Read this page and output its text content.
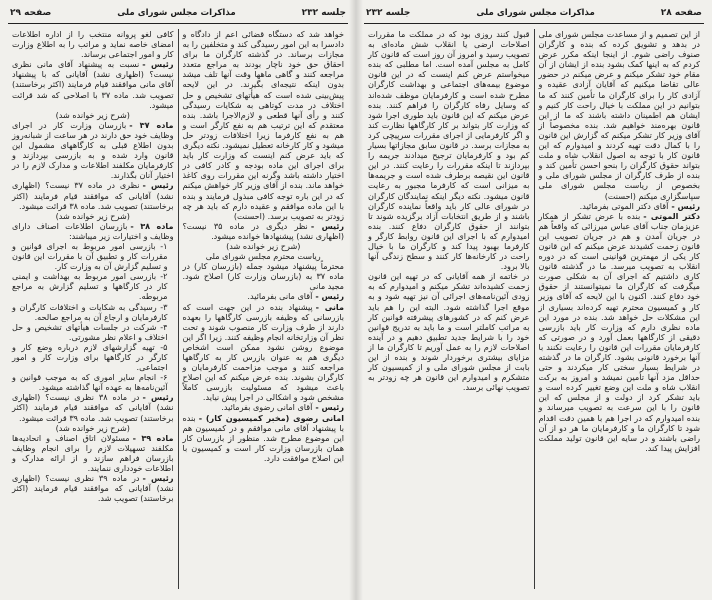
جلسه ۲۳۲
مذاکرات مجلس شورای ملی
صفحه ۲۹

خواهد شد که دستگاه قضائی اعم از دادگاه و دادسرا به این امور رسیدگی کند و متخلفین را به مجازات برساند. در گذشته کارگران ما برای احقاق حق خود ناچار بودند به مراجع متعدد مراجعه کنند و گاهی ماهها وقت آنها تلف میشد بدون اینکه نتیجه‌ای بگیرند. در این لایحه پیش‌بینی شده است که هیأتهای تشخیص و حل اختلاف در مدت کوتاهی به شکایات رسیدگی کنند و رأی آنها قطعی و لازم‌الاجرا باشد. بنده معتقدم که این ترتیب هم به نفع کارگر است و هم به نفع کارفرما زیرا اختلافات زودتر حل میشود و کار کارخانه تعطیل نمیشود. نکته دیگری که باید عرض کنم اینست که وزارت کار باید برای اجرای این ماده بودجه و کادر کافی در اختیار داشته باشد وگرنه این مقررات روی کاغذ خواهد ماند. بنده از آقای وزیر کار خواهش میکنم که در این باره توجه کافی مبذول فرمایند و بنده با این ماده موافقم و عقیده دارم که باید هر چه زودتر به تصویب برسد. (احسنت)

رئیس -نظر دیگری در ماده ۳۵ نیست؟ (اظهاری نشد) پیشنهادها خوانده میشود.

(شرح زیر خوانده شد)

ریاست محترم مجلس شورای ملی

محترماً پیشنهاد میشود جمله (بازرسان کار) در ماده ۳۷ به (بازرسان وزارت کار) اصلاح شود. مجید مانی

رئیس -آقای مانی بفرمائید.

مانی -پیشنهاد بنده در این جهت است که بازرسانی که وظیفه بازرسی کارگاهها را بعهده دارند از طرف وزارت کار منصوب شوند و تحت نظر آن وزارتخانه انجام وظیفه کنند. زیرا اگر این موضوع روشن نشود ممکن است اشخاص دیگری هم به عنوان بازرس کار به کارگاهها مراجعه کنند و موجب مزاحمت کارفرمایان و کارگران بشوند. بنده عرض میکنم که این اصلاح باعث میشود که مسئولیت بازرسی کاملاً مشخص شود و اشکالی در اجرا پیش نیاید.

رئیس -آقای امانی رضوی بفرمائید.

امانی رضوی (مخبر کمیسیون کار) -بنده با پیشنهاد آقای مانی موافقم و در کمیسیون هم این موضوع مطرح شد. منظور از بازرسان کار همان بازرسان وزارت کار است و کمیسیون با این اصلاح موافقت دارد.

کافی لغو پروانه منتخب را از اداره اطلاعات امضای خاصه نماید و مراتب را به اطلاع وزارت کار و امور اجتماعی برساند.

رئیس -نسبت به پیشنهاد آقای مانی نظری نیست؟ (اظهاری نشد) آقایانی که با پیشنهاد آقای مانی موافقند قیام فرمایند (اکثر برخاستند) تصویب شد. ماده ۳۷ با اصلاحی که شد قرائت میشود.

(شرح زیر خوانده شد)

ماده ۳۷ -بازرسان وزارت کار در اجرای وظایف خود حق دارند در هر ساعت از شبانه‌روز بدون اطلاع قبلی به کارگاههای مشمول این قانون وارد شده و به بازرسی بپردازند و کارفرمایان مکلفند اطلاعات و مدارک لازم را در اختیار آنان بگذارند.

رئیس -نظری در ماده ۳۷ نیست؟ (اظهاری نشد) آقایانی که موافقند قیام فرمایند (اکثر برخاستند) تصویب شد. ماده ۳۸ قرائت میشود.

(شرح زیر خوانده شد)

ماده ۳۸ -بازرسان اطلاعات اصناف دارای وظایف و اختیارات زیر میباشند:

۱- بازرسی امور مربوط به اجرای قوانین و مقررات کار و تطبیق آن با مقررات این قانون و تسلیم گزارش آن به وزارت کار.

۲- بازرسی امور مربوط به بهداشت و ایمنی کار در کارگاهها و تسلیم گزارش به مراجع مربوطه.

۳- رسیدگی به شکایات و اختلافات کارگران و کارفرمایان و ارجاع آن به مراجع صالحه.

۴- شرکت در جلسات هیأتهای تشخیص و حل اختلاف و اعلام نظر مشورتی.

۵- تهیه گزارشهای لازم درباره وضع کار و کارگر در کارگاهها برای وزارت کار و امور اجتماعی.

۶- انجام سایر اموری که به موجب قوانین و آئین‌نامه‌ها به عهده آنها گذاشته میشود.

رئیس -در ماده ۳۸ نظری نیست؟ (اظهاری نشد) آقایانی که موافقند قیام فرمایند (اکثر برخاستند) تصویب شد. ماده ۳۹ قرائت میشود.

(شرح زیر خوانده شد)

ماده ۳۹ -مسئولان اتاق اصناف و اتحادیه‌ها مکلفند تسهیلات لازم را برای انجام وظایف بازرسان فراهم سازند و از ارائه مدارک و اطلاعات خودداری ننمایند.

رئیس -در ماده ۳۹ نظری نیست؟ (اظهاری نشد) آقایانی که موافقند قیام فرمایند (اکثر برخاستند) تصویب شد.

صفحه ۲۸
مذاکرات مجلس شورای ملی
جلسه ۲۳۲

از این تصمیم و از مساعدت مجلس شورای ملی در بدهد و تشویق کرده که بنده و کارگران صنوف راضی شوم. از اینجا اینکه مکرر عرض کردم که به اینها کمک بشود بنده از ایشان از آن مقام خود تشکر میکنم و عرض میکنم در حضور عالی تقاضا میکنیم که آقایان آزادی عقیده و آزادی کار را برای کارگران ما تأمین کنند که ما بتوانیم در این مملکت با خیال راحت کار کنیم و ایشان هم اطمینان داشته باشند که ما از این قانون بهره‌مند خواهیم شد. بنده مخصوصاً از آقای وزیر کار تشکر میکنم که گزارش این قانون را با کمال دقت تهیه کردند و امیدوارم که این قانون کار با توجه به اصول انقلاب شاه و ملت بتواند حقوق کارگران را بنحو احسن تأمین کند و بنده از طرف کارگران از مجلس شورای ملی و بخصوص از ریاست مجلس شورای ملی سپاسگزاری میکنم (احسنت)

رئیس -آقای دکتر الموتی بفرمائید.

دکتر الموتی -بنده با عرض تشکر از همکار عزیزمان جناب آقای عباس میرزائی که واقعاً هم در جریان آمدن و هم در جریان تصویب این قانون زحمت کشیدند عرض میکنم که این قانون کار یکی از مهمترین قوانینی است که در دوره انقلاب به تصویب میرسد. ما در گذشته قانون کاری داشتیم که اجرای آن به شکلی صورت میگرفت که کارگران ما نمیتوانستند از حقوق خود دفاع کنند. اکنون با این لایحه که آقای وزیر کار و کمیسیون محترم تهیه کرده‌اند بسیاری از این مشکلات حل خواهد شد. بنده در مورد این ماده نظری دارم که وزارت کار باید بازرسی دقیقی از کارگاهها بعمل آورد و در صورتی که کارفرمایان مقررات این قانون را رعایت نکنند با آنها برخورد قانونی بشود. کارگران ما در گذشته در شرایط بسیار سختی کار میکردند و حتی حداقل مزد آنها تأمین نمیشد و امروز به برکت انقلاب شاه و ملت این وضع تغییر کرده است و باید تشکر کرد از دولت و از مجلس که این قانون را با این سرعت به تصویب میرساند و بنده امیدوارم که در اجرا هم با همین دقت اقدام شود تا کارگران ما و کارفرمایان ما هر دو از آن راضی باشند و در سایه این قانون تولید مملکت افزایش پیدا کند.

قبول کنند روزی بود که در مملکت ما مقررات اصلاحات ارضی یا انقلاب شش ماده‌ای به تصویب رسید و امروز آن روز است که قانون کار کامل به مجلس آمده است. اما مطلبی که بنده میخواستم عرض کنم اینست که در این قانون موضوع بیمه‌های اجتماعی و بهداشت کارگران مطرح شده است و کارفرمایان موظف شده‌اند که وسایل رفاه کارگران را فراهم کنند. بنده عرض میکنم که این قانون باید طوری اجرا شود که وزارت کار بتواند بر کار کارگاهها نظارت کند و اگر کارفرمایی از اجرای مقررات سرپیچی کرد به مجازات برسد. در قانون سابق مجازاتها بسیار کم بود و کارفرمایان ترجیح میدادند جریمه را بپردازند تا اینکه مقررات را رعایت کنند. در این قانون این نقیصه برطرف شده است و جریمه‌ها به میزانی است که کارفرما مجبور به رعایت قانون میشود. نکته دیگر اینکه نمایندگان کارگران در شورای عالی کار باید واقعاً نماینده کارگران باشند و از طریق انتخابات آزاد برگزیده شوند تا بتوانند از حقوق کارگران دفاع کنند. بنده امیدوارم که با اجرای این قانون روابط کارگر و کارفرما بهبود پیدا کند و کارگران ما با خیال راحت در کارخانه‌ها کار کنند و سطح زندگی آنها بالا برود.

در خاتمه از همه آقایانی که در تهیه این قانون زحمت کشیده‌اند تشکر میکنم و امیدوارم که به زودی آئین‌نامه‌های اجرائی آن نیز تهیه شود و به موقع اجرا گذاشته شود. البته این را هم باید عرض کنم که در کشورهای پیشرفته قوانین کار به مراتب کاملتر است و ما باید به تدریج قوانین خود را با شرایط جدید تطبیق دهیم و در آینده اصلاحات لازم را به عمل آوریم تا کارگران ما از مزایای بیشتری برخوردار شوند و بنده از این بابت از مجلس شورای ملی و از کمیسیون کار متشکرم و امیدوارم این قانون هر چه زودتر به تصویب نهائی برسد.
